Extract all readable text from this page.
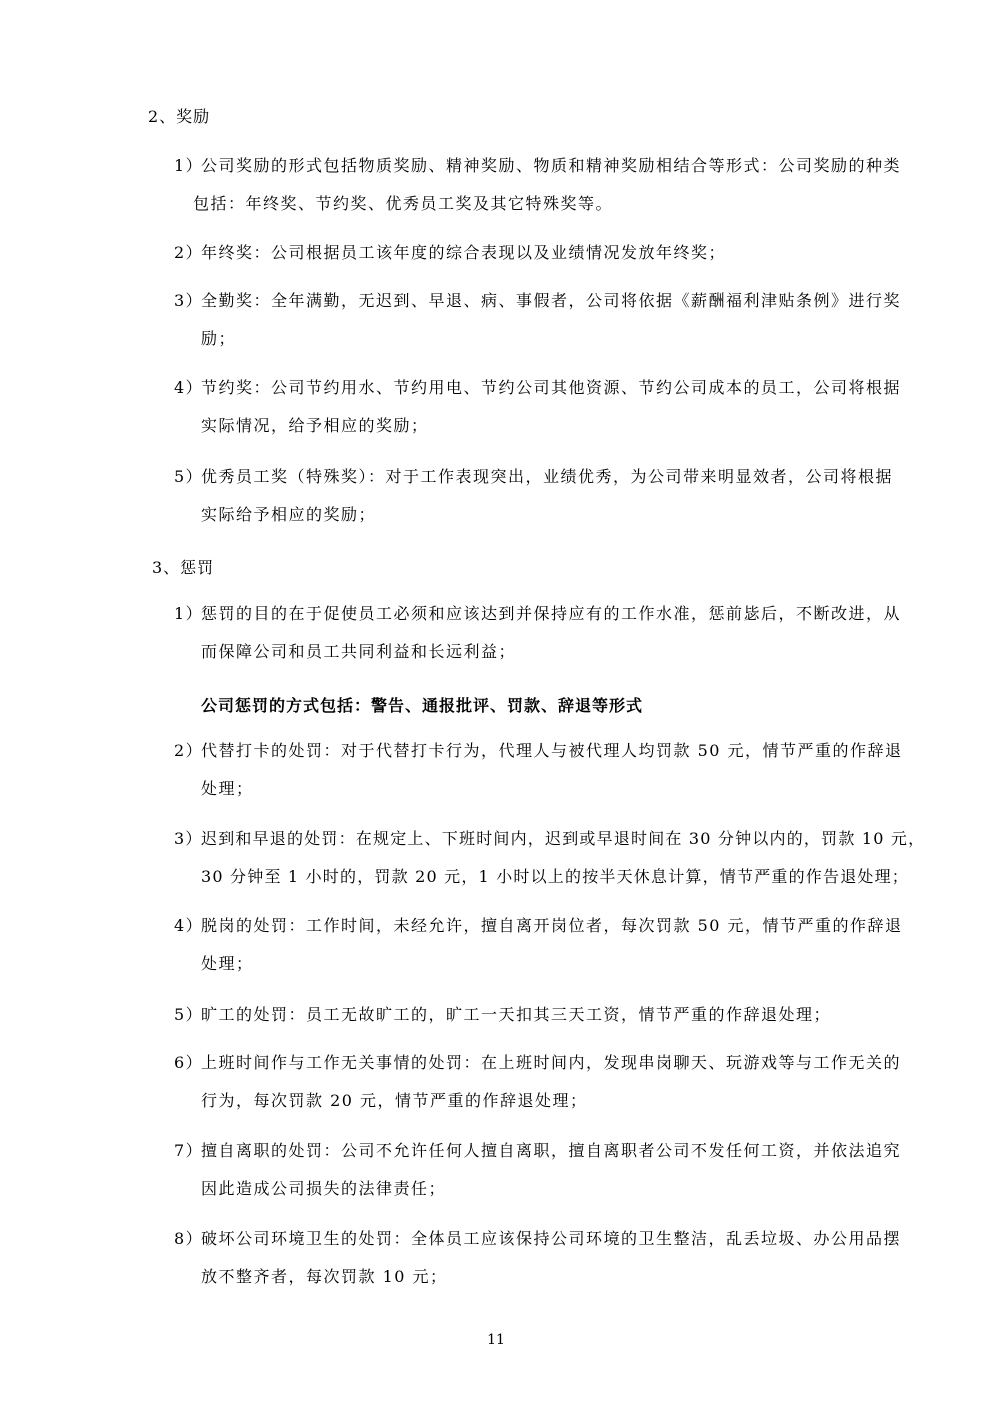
2、奖励
1）
公司奖励的形式包括物质奖励、精神奖励、物质和精神奖励相结合等形式：公司奖励的种类
包括：年终奖、节约奖、优秀员工奖及其它特殊奖等。
2）
年终奖：公司根据员工该年度的综合表现以及业绩情况发放年终奖；
3）
全勤奖：全年满勤，无迟到、早退、病、事假者，公司将依据《薪酬福利津贴条例》进行奖
励；
4）
节约奖：公司节约用水、节约用电、节约公司其他资源、节约公司成本的员工，公司将根据
实际情况，给予相应的奖励；
5）
优秀员工奖（特殊奖）：对于工作表现突出，业绩优秀，为公司带来明显效者，公司将根据
实际给予相应的奖励；
3、惩罚
1）
惩罚的目的在于促使员工必须和应该达到并保持应有的工作水准，惩前毖后，不断改进，从
而保障公司和员工共同利益和长远利益；
公司惩罚的方式包括：警告、通报批评、罚款、辞退等形式
2）
代替打卡的处罚：对于代替打卡行为，代理人与被代理人均罚款 50 元，情节严重的作辞退
处理；
3）
迟到和早退的处罚：在规定上、下班时间内，迟到或早退时间在 30 分钟以内的，罚款 10 元，
30 分钟至 1 小时的，罚款 20 元，1 小时以上的按半天休息计算，情节严重的作告退处理；
4）
脱岗的处罚：工作时间，未经允许，擅自离开岗位者，每次罚款 50 元，情节严重的作辞退
处理；
5）
旷工的处罚：员工无故旷工的，旷工一天扣其三天工资，情节严重的作辞退处理；
6）
上班时间作与工作无关事情的处罚：在上班时间内，发现串岗聊天、玩游戏等与工作无关的
行为，每次罚款 20 元，情节严重的作辞退处理；
7）
擅自离职的处罚：公司不允许任何人擅自离职，擅自离职者公司不发任何工资，并依法追究
因此造成公司损失的法律责任；
8）
破坏公司环境卫生的处罚：全体员工应该保持公司环境的卫生整洁，乱丢垃圾、办公用品摆
放不整齐者，每次罚款 10 元；
11
